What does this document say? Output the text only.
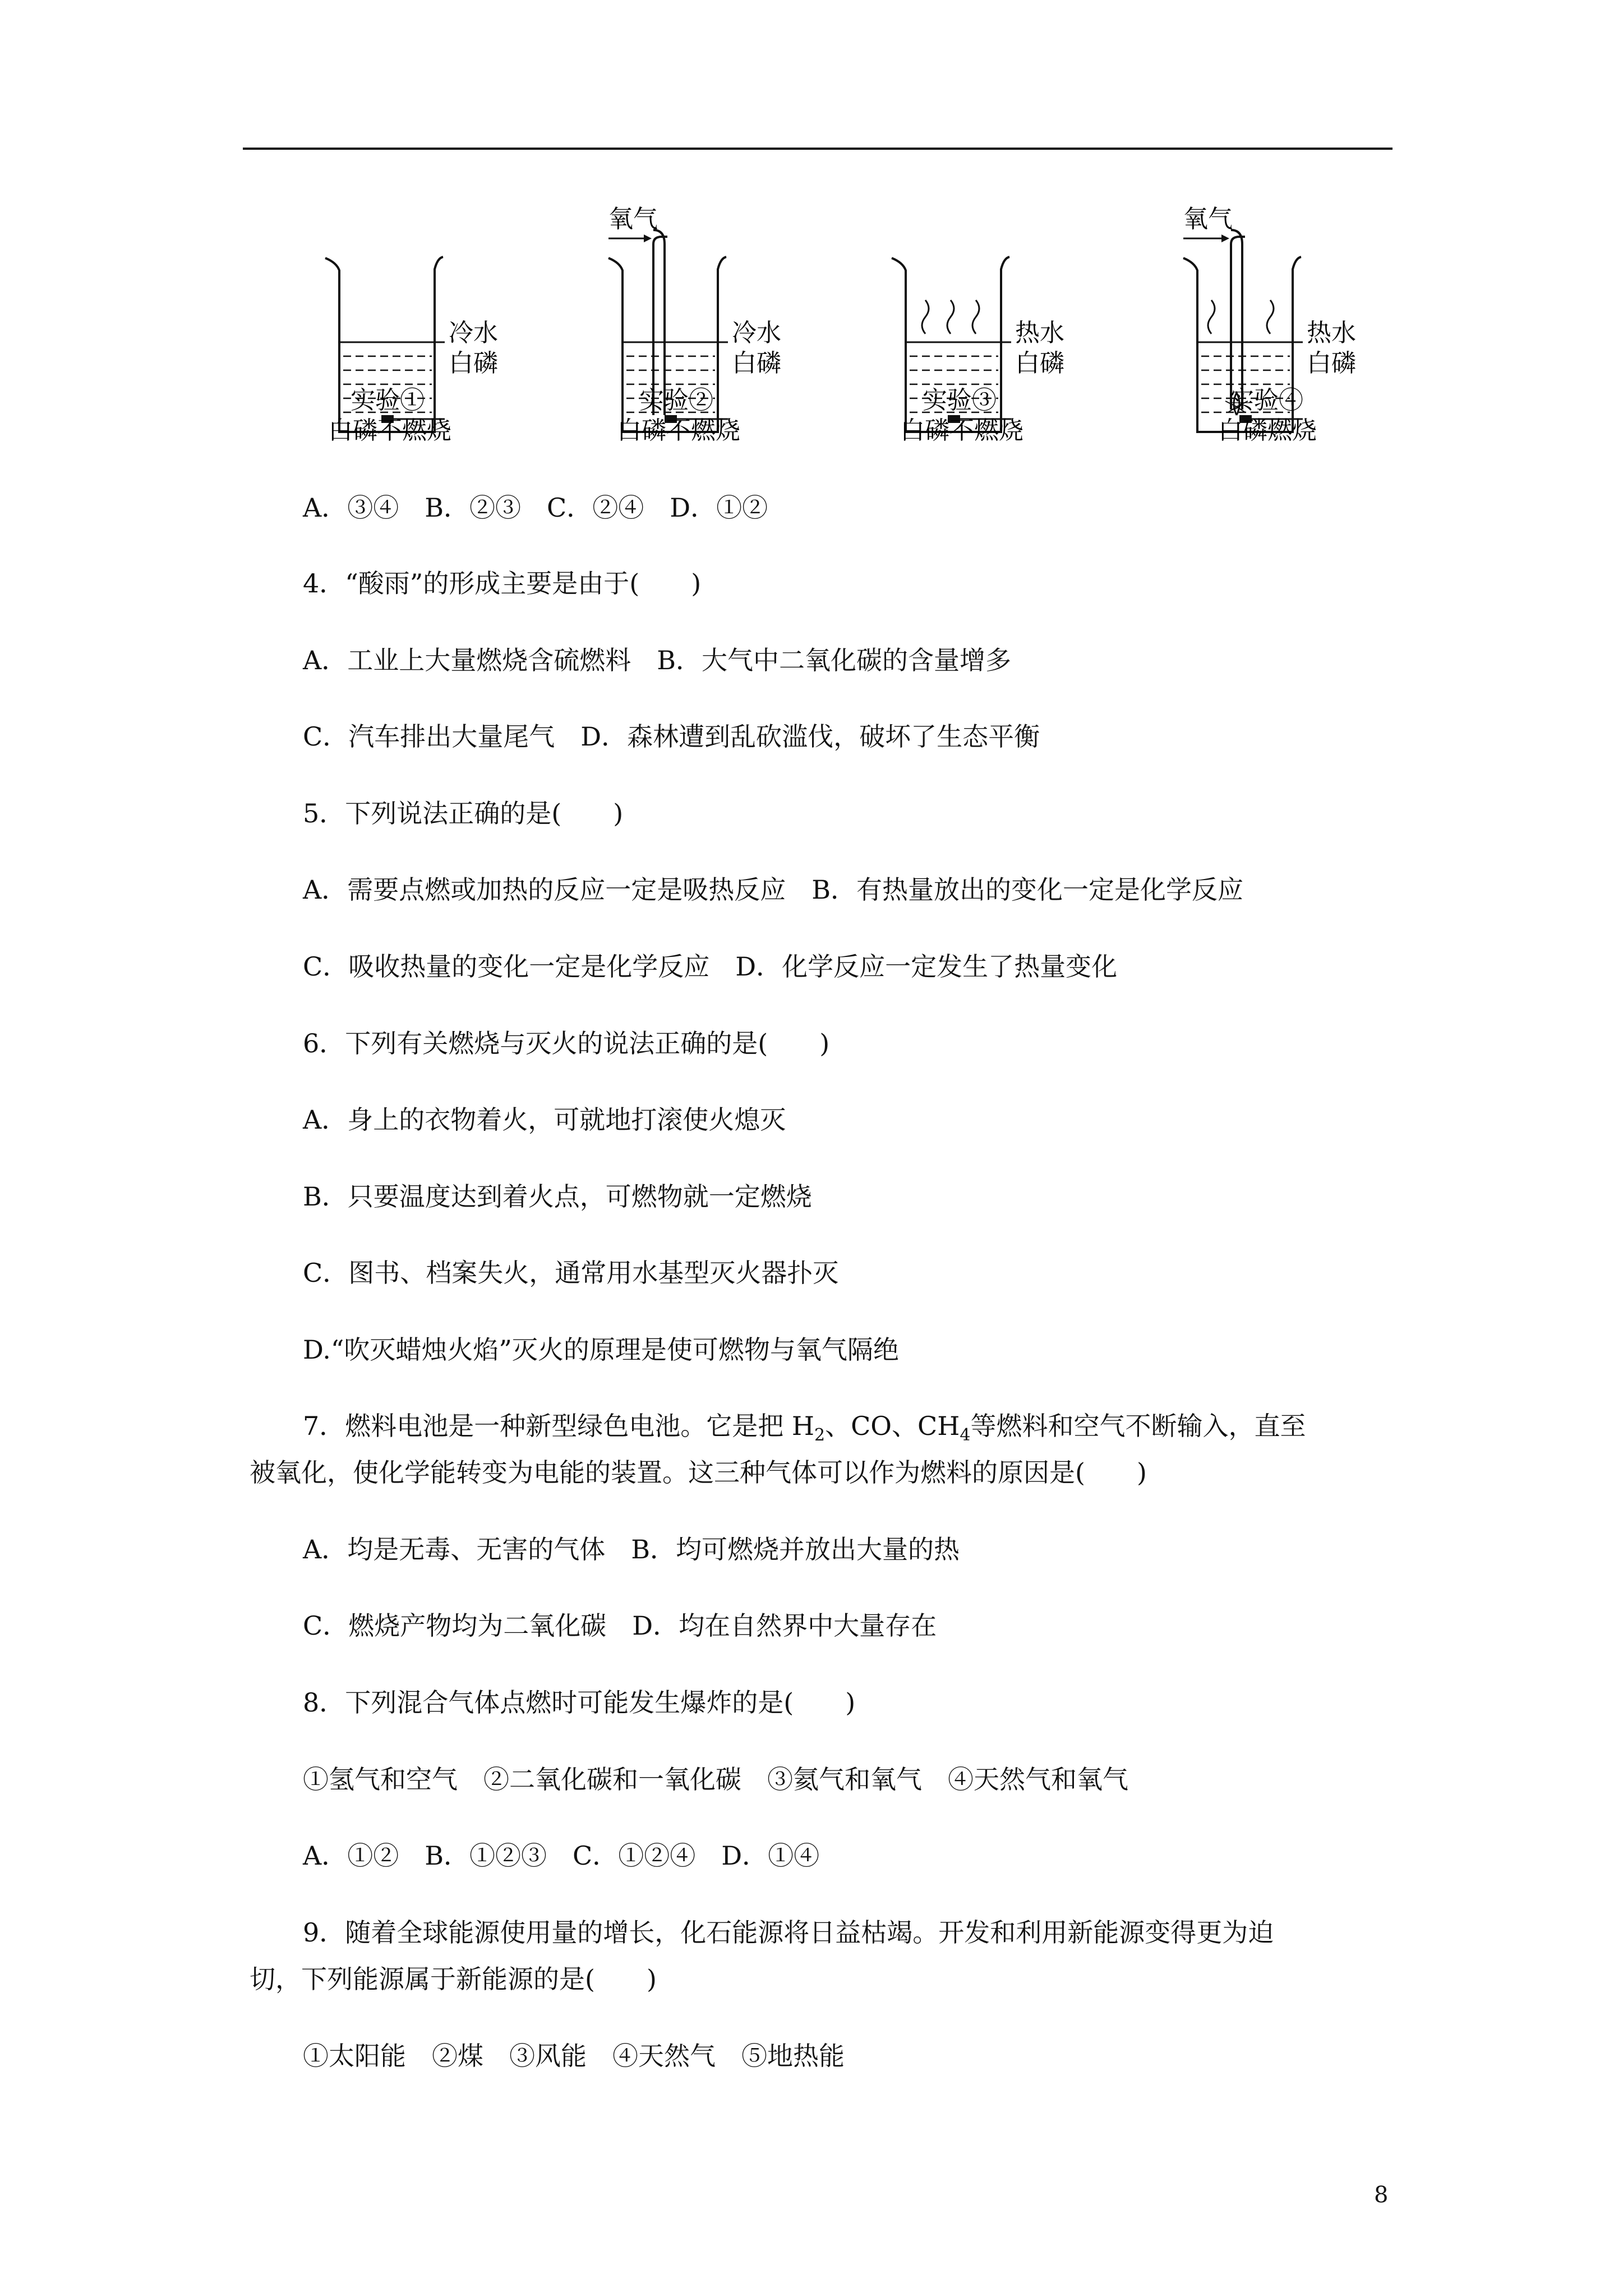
冷水
白磷
实验①
白磷不燃烧
氧气
冷水
白磷
实验②
白磷不燃烧
热水
白磷
实验③
白磷不燃烧
氧气
热水
白磷
实验④
白磷燃烧
A．③④　B．②③　C．②④　D．①②
4．“酸雨”的形成主要是由于(　　)
A．工业上大量燃烧含硫燃料　B．大气中二氧化碳的含量增多
C．汽车排出大量尾气　D．森林遭到乱砍滥伐，破坏了生态平衡
5．下列说法正确的是(　　)
A．需要点燃或加热的反应一定是吸热反应　B．有热量放出的变化一定是化学反应
C．吸收热量的变化一定是化学反应　D．化学反应一定发生了热量变化
6．下列有关燃烧与灭火的说法正确的是(　　)
A．身上的衣物着火，可就地打滚使火熄灭
B．只要温度达到着火点，可燃物就一定燃烧
C．图书、档案失火，通常用水基型灭火器扑灭
D.“吹灭蜡烛火焰”灭火的原理是使可燃物与氧气隔绝
7．燃料电池是一种新型绿色电池。它是把 $H_2$、CO、$CH_4$等燃料和空气不断输入，直至
被氧化，使化学能转变为电能的装置。这三种气体可以作为燃料的原因是(　　)
A．均是无毒、无害的气体　B．均可燃烧并放出大量的热
C．燃烧产物均为二氧化碳　D．均在自然界中大量存在
8．下列混合气体点燃时可能发生爆炸的是(　　)
①氢气和空气　②二氧化碳和一氧化碳　③氦气和氧气　④天然气和氧气
A．①②　B．①②③　C．①②④　D．①④
9．随着全球能源使用量的增长，化石能源将日益枯竭。开发和利用新能源变得更为迫
切，下列能源属于新能源的是(　　)
①太阳能　②煤　③风能　④天然气　⑤地热能
8
